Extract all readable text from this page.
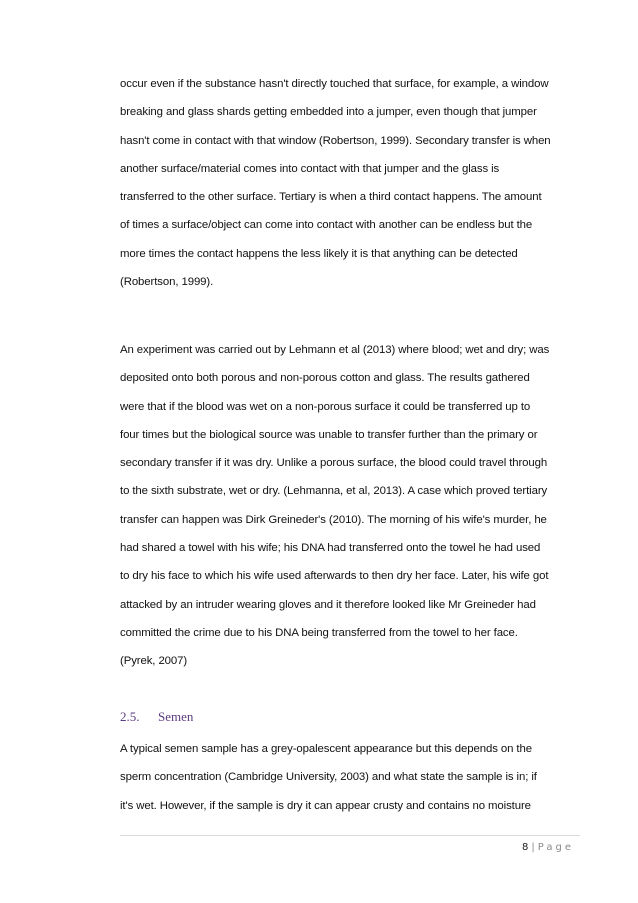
occur even if the substance hasn't directly touched that surface, for example, a window
breaking and glass shards getting embedded into a jumper, even though that jumper
hasn't come in contact with that window (Robertson, 1999). Secondary transfer is when
another surface/material comes into contact with that jumper and the glass is
transferred to the other surface. Tertiary is when a third contact happens. The amount
of times a surface/object can come into contact with another can be endless but the
more times the contact happens the less likely it is that anything can be detected
(Robertson, 1999).
An experiment was carried out by Lehmann et al (2013) where blood; wet and dry; was
deposited onto both porous and non-porous cotton and glass. The results gathered
were that if the blood was wet on a non-porous surface it could be transferred up to
four times but the biological source was unable to transfer further than the primary or
secondary transfer if it was dry. Unlike a porous surface, the blood could travel through
to the sixth substrate, wet or dry. (Lehmanna, et al, 2013). A case which proved tertiary
transfer can happen was Dirk Greineder's (2010). The morning of his wife's murder, he
had shared a towel with his wife; his DNA had transferred onto the towel he had used
to dry his face to which his wife used afterwards to then dry her face. Later, his wife got
attacked by an intruder wearing gloves and it therefore looked like Mr Greineder had
committed the crime due to his DNA being transferred from the towel to her face.
(Pyrek, 2007)
2.5. Semen
A typical semen sample has a grey-opalescent appearance but this depends on the
sperm concentration (Cambridge University, 2003) and what state the sample is in; if
it's wet. However, if the sample is dry it can appear crusty and contains no moisture
8 | Page
